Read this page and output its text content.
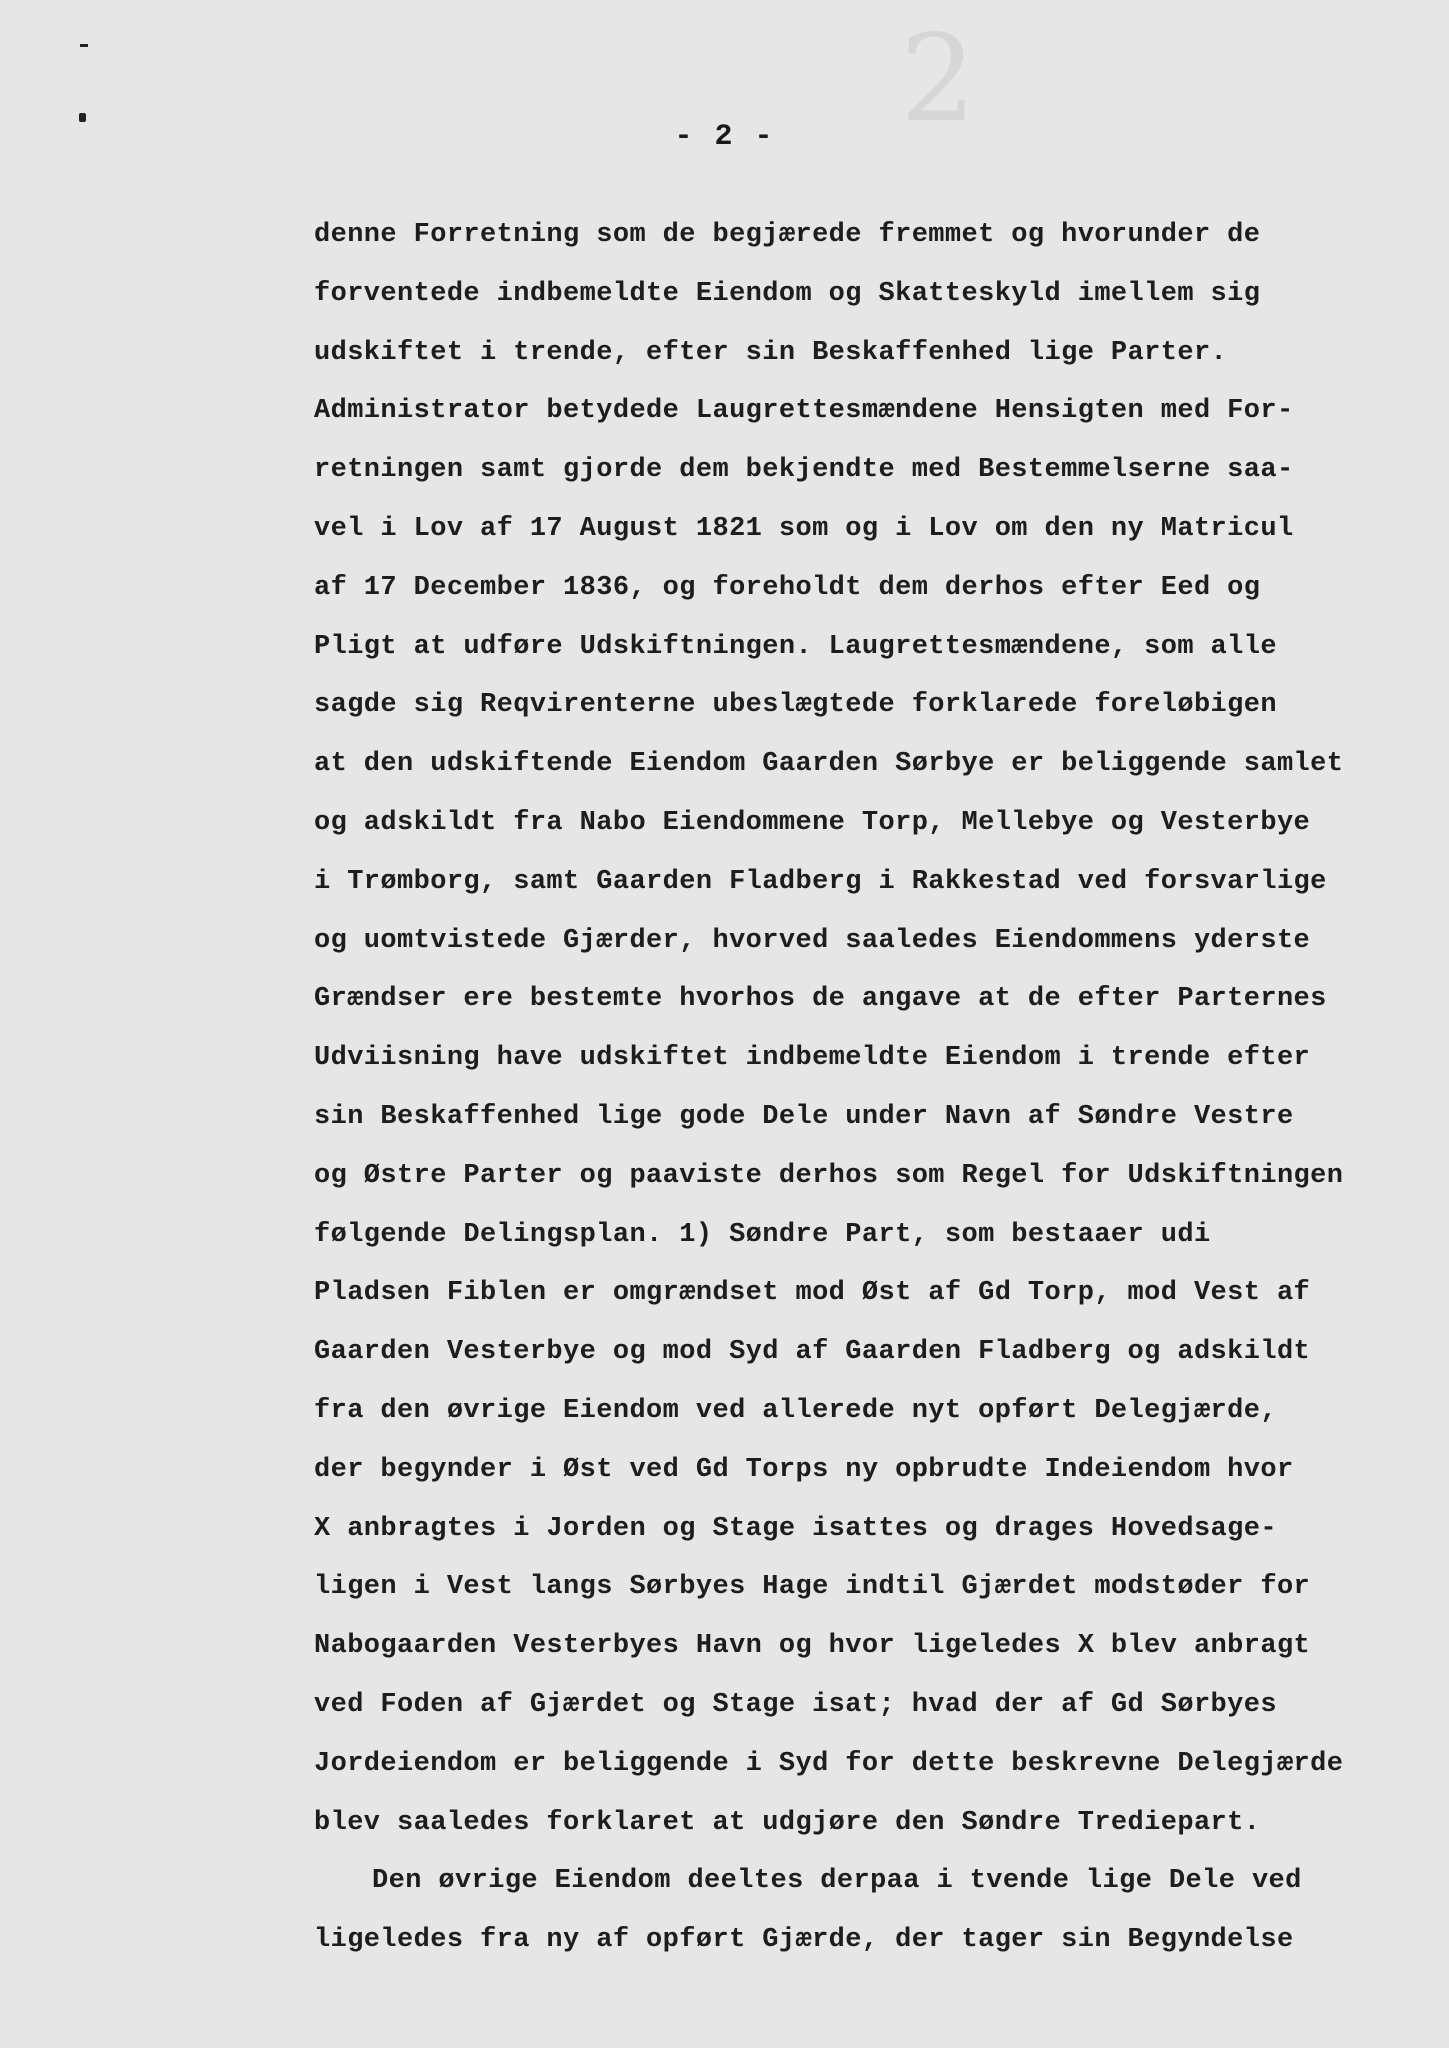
2
- 2 -
denne Forretning som de begjærede fremmet og hvorunder de
forventede indbemeldte Eiendom og Skatteskyld imellem sig
udskiftet i trende, efter sin Beskaffenhed lige Parter.
Administrator betydede Laugrettesmændene Hensigten med For-
retningen samt gjorde dem bekjendte med Bestemmelserne saa-
vel i Lov af 17 August 1821 som og i Lov om den ny Matricul
af 17 December 1836, og foreholdt dem derhos efter Eed og
Pligt at udføre Udskiftningen. Laugrettesmændene, som alle
sagde sig Reqvirenterne ubeslægtede forklarede foreløbigen
at den udskiftende Eiendom Gaarden Sørbye er beliggende samlet
og adskildt fra Nabo Eiendommene Torp, Mellebye og Vesterbye
i Trømborg, samt Gaarden Fladberg i Rakkestad ved forsvarlige
og uomtvistede Gjærder, hvorved saaledes Eiendommens yderste
Grændser ere bestemte hvorhos de angave at de efter Parternes
Udviisning have udskiftet indbemeldte Eiendom i trende efter
sin Beskaffenhed lige gode Dele under Navn af Søndre Vestre
og Østre Parter og paaviste derhos som Regel for Udskiftningen
følgende Delingsplan. 1) Søndre Part, som bestaaer udi
Pladsen Fiblen er omgrændset mod Øst af Gd Torp, mod Vest af
Gaarden Vesterbye og mod Syd af Gaarden Fladberg og adskildt
fra den øvrige Eiendom ved allerede nyt opført Delegjærde,
der begynder i Øst ved Gd Torps ny opbrudte Indeiendom hvor
X anbragtes i Jorden og Stage isattes og drages Hovedsage-
ligen i Vest langs Sørbyes Hage indtil Gjærdet modstøder for
Nabogaarden Vesterbyes Havn og hvor ligeledes X blev anbragt
ved Foden af Gjærdet og Stage isat; hvad der af Gd Sørbyes
Jordeiendom er beliggende i Syd for dette beskrevne Delegjærde
blev saaledes forklaret at udgjøre den Søndre Trediepart.
Den øvrige Eiendom deeltes derpaa i tvende lige Dele ved
ligeledes fra ny af opført Gjærde, der tager sin Begyndelse
